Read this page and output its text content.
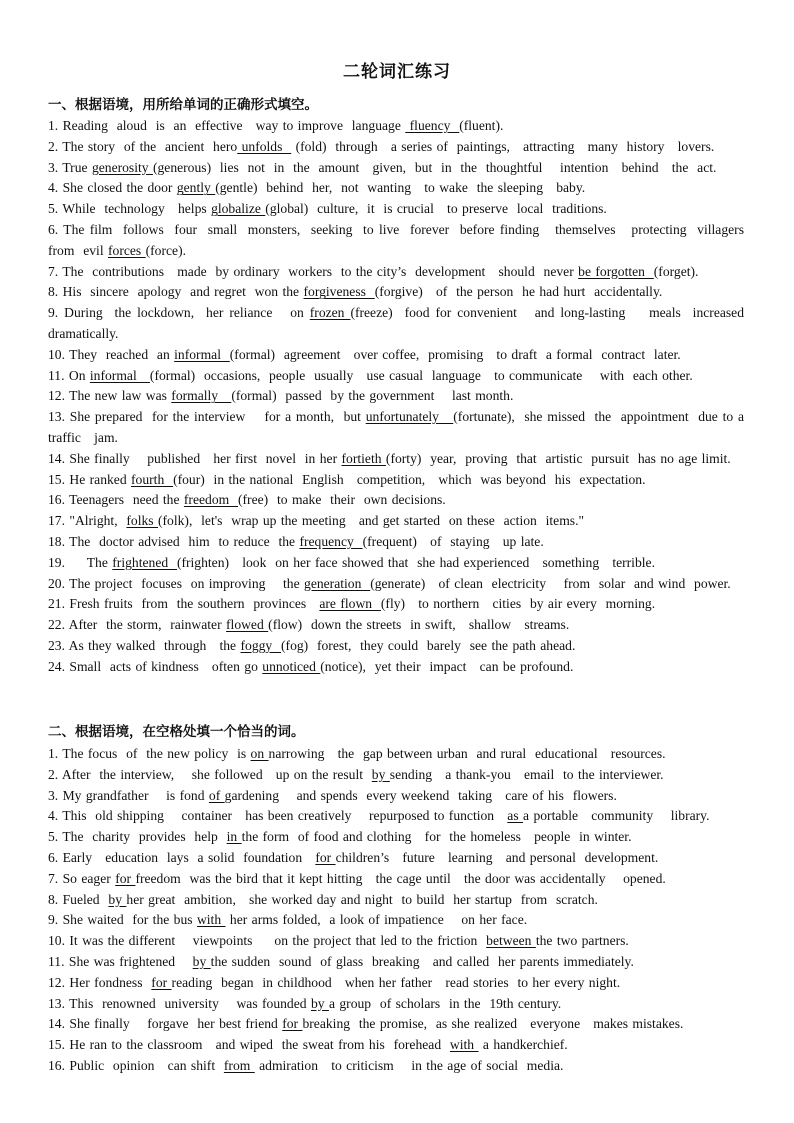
二轮词汇练习
一、根据语境，用所给单词的正确形式填空。
1. Reading  aloud  is  an  effective   way to improve  language  fluency  (fluent).
2. The story  of the  ancient  hero unfolds   (fold)  through   a series of  paintings,   attracting   many  history   lovers.
3. True generosity (generous)  lies  not  in  the  amount   given,  but  in  the  thoughtful    intention   behind   the  act.
4. She closed the door gently (gentle)  behind  her,  not  wanting   to wake  the sleeping   baby.
5. While  technology   helps globalize (global)  culture,  it  is crucial   to preserve  local  traditions.
6. The film  follows  four  small  monsters,  seeking  to live  forever  before finding   themselves   protecting  villagers   from  evil forces (force).
7. The  contributions   made  by ordinary  workers  to the city’s  development   should  never be forgotten  (forget).
8. His  sincere  apology  and regret  won the forgiveness  (forgive)   of  the person  he had hurt  accidentally.
9. During  the lockdown,  her reliance   on frozen (freeze)  food for convenient   and long-lasting    meals  increased dramatically.
10. They  reached  an informal  (formal)  agreement   over coffee,  promising   to draft  a formal  contract  later.
11. On informal   (formal)  occasions,  people  usually   use casual  language   to communicate    with  each other.
12. The new law was formally   (formal)  passed  by the government    last month.
13. She prepared  for the interview    for a month,  but unfortunately   (fortunate),  she missed  the  appointment  due to a traffic   jam.
14. She finally    published   her first  novel  in her fortieth (forty)  year,  proving  that  artistic  pursuit  has no age limit.
15. He ranked fourth  (four)  in the national  English   competition,   which  was beyond  his  expectation.
16. Teenagers  need the freedom  (free)  to make  their  own decisions.
17. "Alright,  folks (folk),  let's  wrap up the meeting   and get started  on these  action  items."
18. The  doctor advised  him  to reduce  the frequency  (frequent)   of  staying   up late.
19.     The frightened  (frighten)   look  on her face showed that  she had experienced   something   terrible.
20. The project  focuses  on improving    the generation  (generate)   of clean  electricity    from  solar  and wind  power.
21. Fresh fruits  from  the southern  provinces   are flown  (fly)   to northern   cities  by air every  morning.
22. After  the storm,  rainwater flowed (flow)  down the streets  in swift,   shallow   streams.
23. As they walked  through   the foggy  (fog)  forest,  they could  barely  see the path ahead.
24. Small  acts of kindness   often go unnoticed (notice),  yet their  impact   can be profound.
二、根据语境，在空格处填一个恰当的词。
1. The focus  of  the new policy  is on narrowing   the  gap between urban  and rural  educational   resources.
2. After  the interview,    she followed   up on the result  by sending   a thank-you   email  to the interviewer.
3. My grandfather    is fond of gardening    and spends  every weekend  taking   care of his  flowers.
4. This  old shipping    container   has been creatively    repurposed to function   as a portable   community    library.
5. The  charity  provides  help  in the form  of food and clothing   for  the homeless   people  in winter.
6. Early   education  lays  a solid  foundation   for children’s   future   learning   and personal  development.
7. So eager for freedom  was the bird that it kept hitting   the cage until   the door was accidentally    opened.
8. Fueled  by her great  ambition,   she worked day and night  to build  her startup  from  scratch.
9. She waited  for the bus with  her arms folded,  a look of impatience    on her face.
10. It was the different    viewpoints     on the project that led to the friction  between the two partners.
11. She was frightened    by the sudden  sound  of glass  breaking   and called  her parents immediately.
12. Her fondness  for reading  began  in childhood   when her father   read stories  to her every night.
13. This  renowned  university    was founded by a group  of scholars  in the  19th century.
14. She finally    forgave  her best friend for breaking  the promise,  as she realized   everyone   makes mistakes.
15. He ran to the classroom   and wiped  the sweat from his  forehead  with  a handkerchief.
16. Public  opinion   can shift  from  admiration   to criticism    in the age of social  media.
